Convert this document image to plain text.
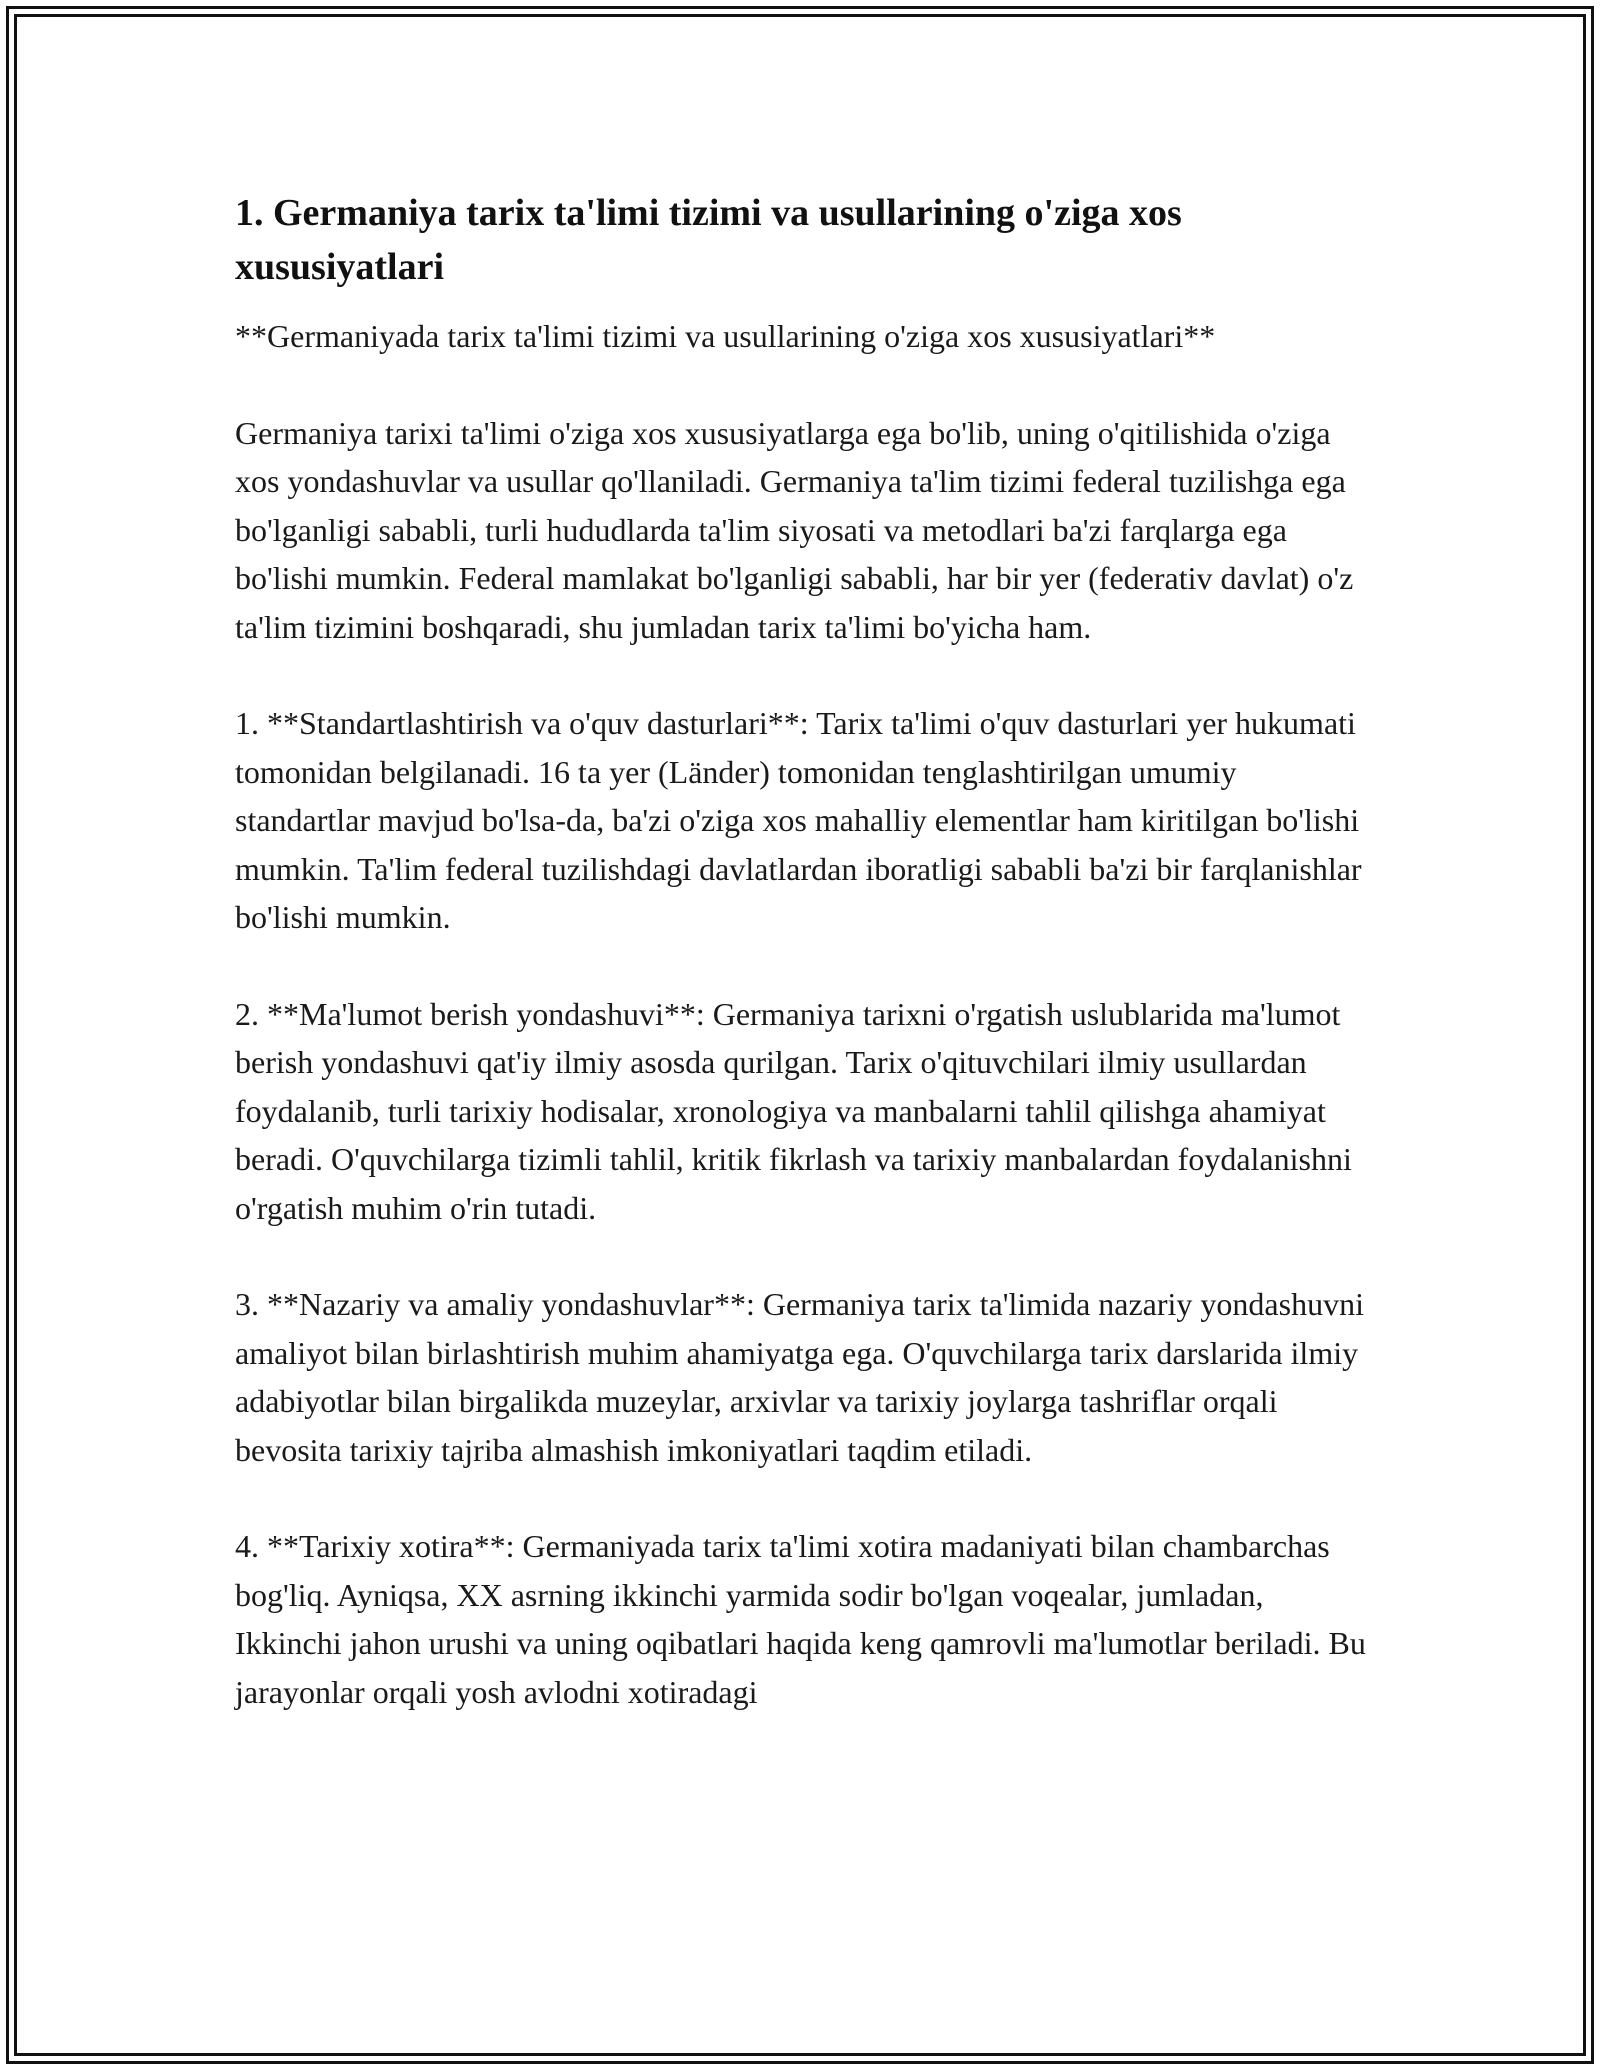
1. Germaniya tarix ta'limi tizimi va usullarining o'ziga xos xususiyatlari

**Germaniyada tarix ta'limi tizimi va usullarining o'ziga xos xususiyatlari**

Germaniya tarixi ta'limi o'ziga xos xususiyatlarga ega bo'lib, uning o'qitilishida o'ziga xos yondashuvlar va usullar qo'llaniladi. Germaniya ta'lim tizimi federal tuzilishga ega bo'lganligi sababli, turli hududlarda ta'lim siyosati va metodlari ba'zi farqlarga ega bo'lishi mumkin. Federal mamlakat bo'lganligi sababli, har bir yer (federativ davlat) o'z ta'lim tizimini boshqaradi, shu jumladan tarix ta'limi bo'yicha ham.

1. **Standartlashtirish va o'quv dasturlari**: Tarix ta'limi o'quv dasturlari yer hukumati tomonidan belgilanadi. 16 ta yer (Länder) tomonidan tenglashtirilgan umumiy standartlar mavjud bo'lsa-da, ba'zi o'ziga xos mahalliy elementlar ham kiritilgan bo'lishi mumkin. Ta'lim federal tuzilishdagi davlatlardan iboratligi sababli ba'zi bir farqlanishlar bo'lishi mumkin.

2. **Ma'lumot berish yondashuvi**: Germaniya tarixni o'rgatish uslublarida ma'lumot berish yondashuvi qat'iy ilmiy asosda qurilgan. Tarix o'qituvchilari ilmiy usullardan foydalanib, turli tarixiy hodisalar, xronologiya va manbalarni tahlil qilishga ahamiyat beradi. O'quvchilarga tizimli tahlil, kritik fikrlash va tarixiy manbalardan foydalanishni o'rgatish muhim o'rin tutadi.

3. **Nazariy va amaliy yondashuvlar**: Germaniya tarix ta'limida nazariy yondashuvni amaliyot bilan birlashtirish muhim ahamiyatga ega. O'quvchilarga tarix darslarida ilmiy adabiyotlar bilan birgalikda muzeylar, arxivlar va tarixiy joylarga tashriflar orqali bevosita tarixiy tajriba almashish imkoniyatlari taqdim etiladi.

4. **Tarixiy xotira**: Germaniyada tarix ta'limi xotira madaniyati bilan chambarchas bog'liq. Ayniqsa, XX asrning ikkinchi yarmida sodir bo'lgan voqealar, jumladan, Ikkinchi jahon urushi va uning oqibatlari haqida keng qamrovli ma'lumotlar beriladi. Bu jarayonlar orqali yosh avlodni xotiradagi
